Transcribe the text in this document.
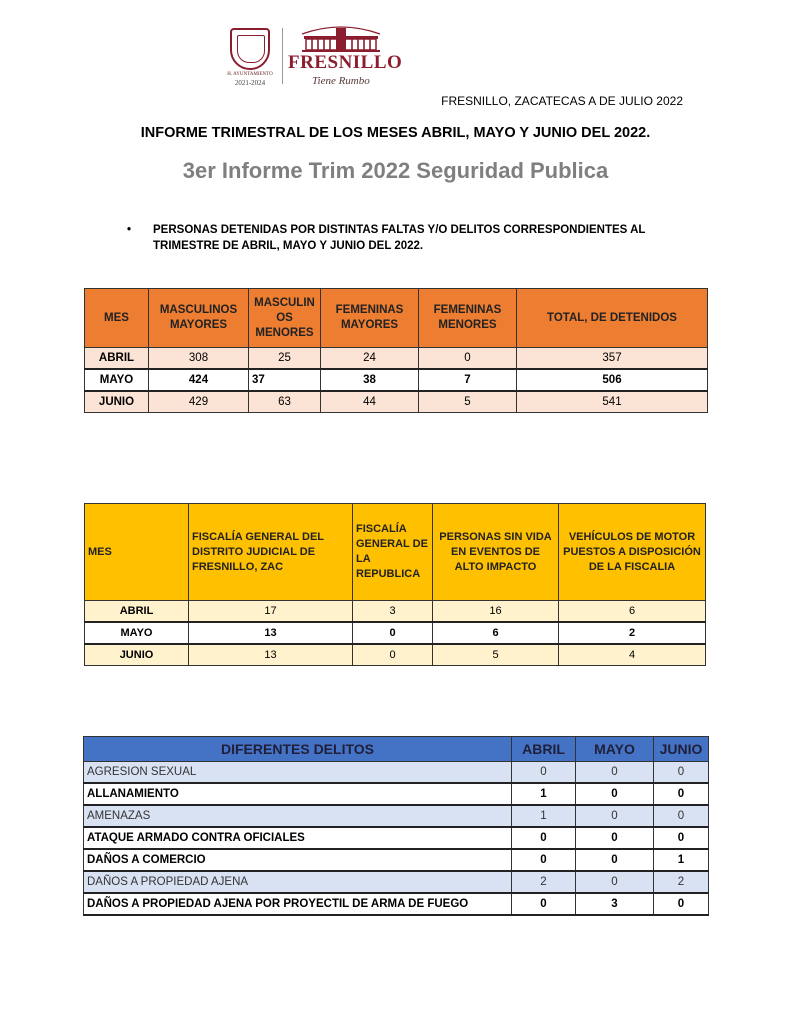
H. AYUNTAMIENTO
2021-2024
FRESNILLO
Tiene Rumbo
FRESNILLO, ZACATECAS A DE JULIO 2022
INFORME TRIMESTRAL DE LOS MESES ABRIL, MAYO Y JUNIO DEL 2022.
3er Informe Trim 2022 Seguridad Publica
•	PERSONAS DETENIDAS POR DISTINTAS FALTAS Y/O DELITOS CORRESPONDIENTES AL TRIMESTRE DE ABRIL, MAYO Y JUNIO DEL 2022.
MES	MASCULINOS MAYORES	MASCULIN OS MENORES	FEMENINAS MAYORES	FEMENINAS MENORES	TOTAL, DE DETENIDOS
ABRIL	308	25	24	0	357
MAYO	424	37	38	7	506
JUNIO	429	63	44	5	541
MES	FISCALÍA GENERAL DEL DISTRITO JUDICIAL DE FRESNILLO, ZAC	FISCALÍA GENERAL DE LA REPUBLICA	PERSONAS SIN VIDA EN EVENTOS DE ALTO IMPACTO	VEHÍCULOS DE MOTOR PUESTOS A DISPOSICIÓN DE LA FISCALIA
ABRIL	17	3	16	6
MAYO	13	0	6	2
JUNIO	13	0	5	4
DIFERENTES DELITOS	ABRIL	MAYO	JUNIO
AGRESION SEXUAL	0	0	0
ALLANAMIENTO	1	0	0
AMENAZAS	1	0	0
ATAQUE ARMADO CONTRA OFICIALES	0	0	0
DAÑOS A COMERCIO	0	0	1
DAÑOS A PROPIEDAD AJENA	2	0	2
DAÑOS A PROPIEDAD AJENA POR PROYECTIL DE ARMA DE FUEGO	0	3	0
